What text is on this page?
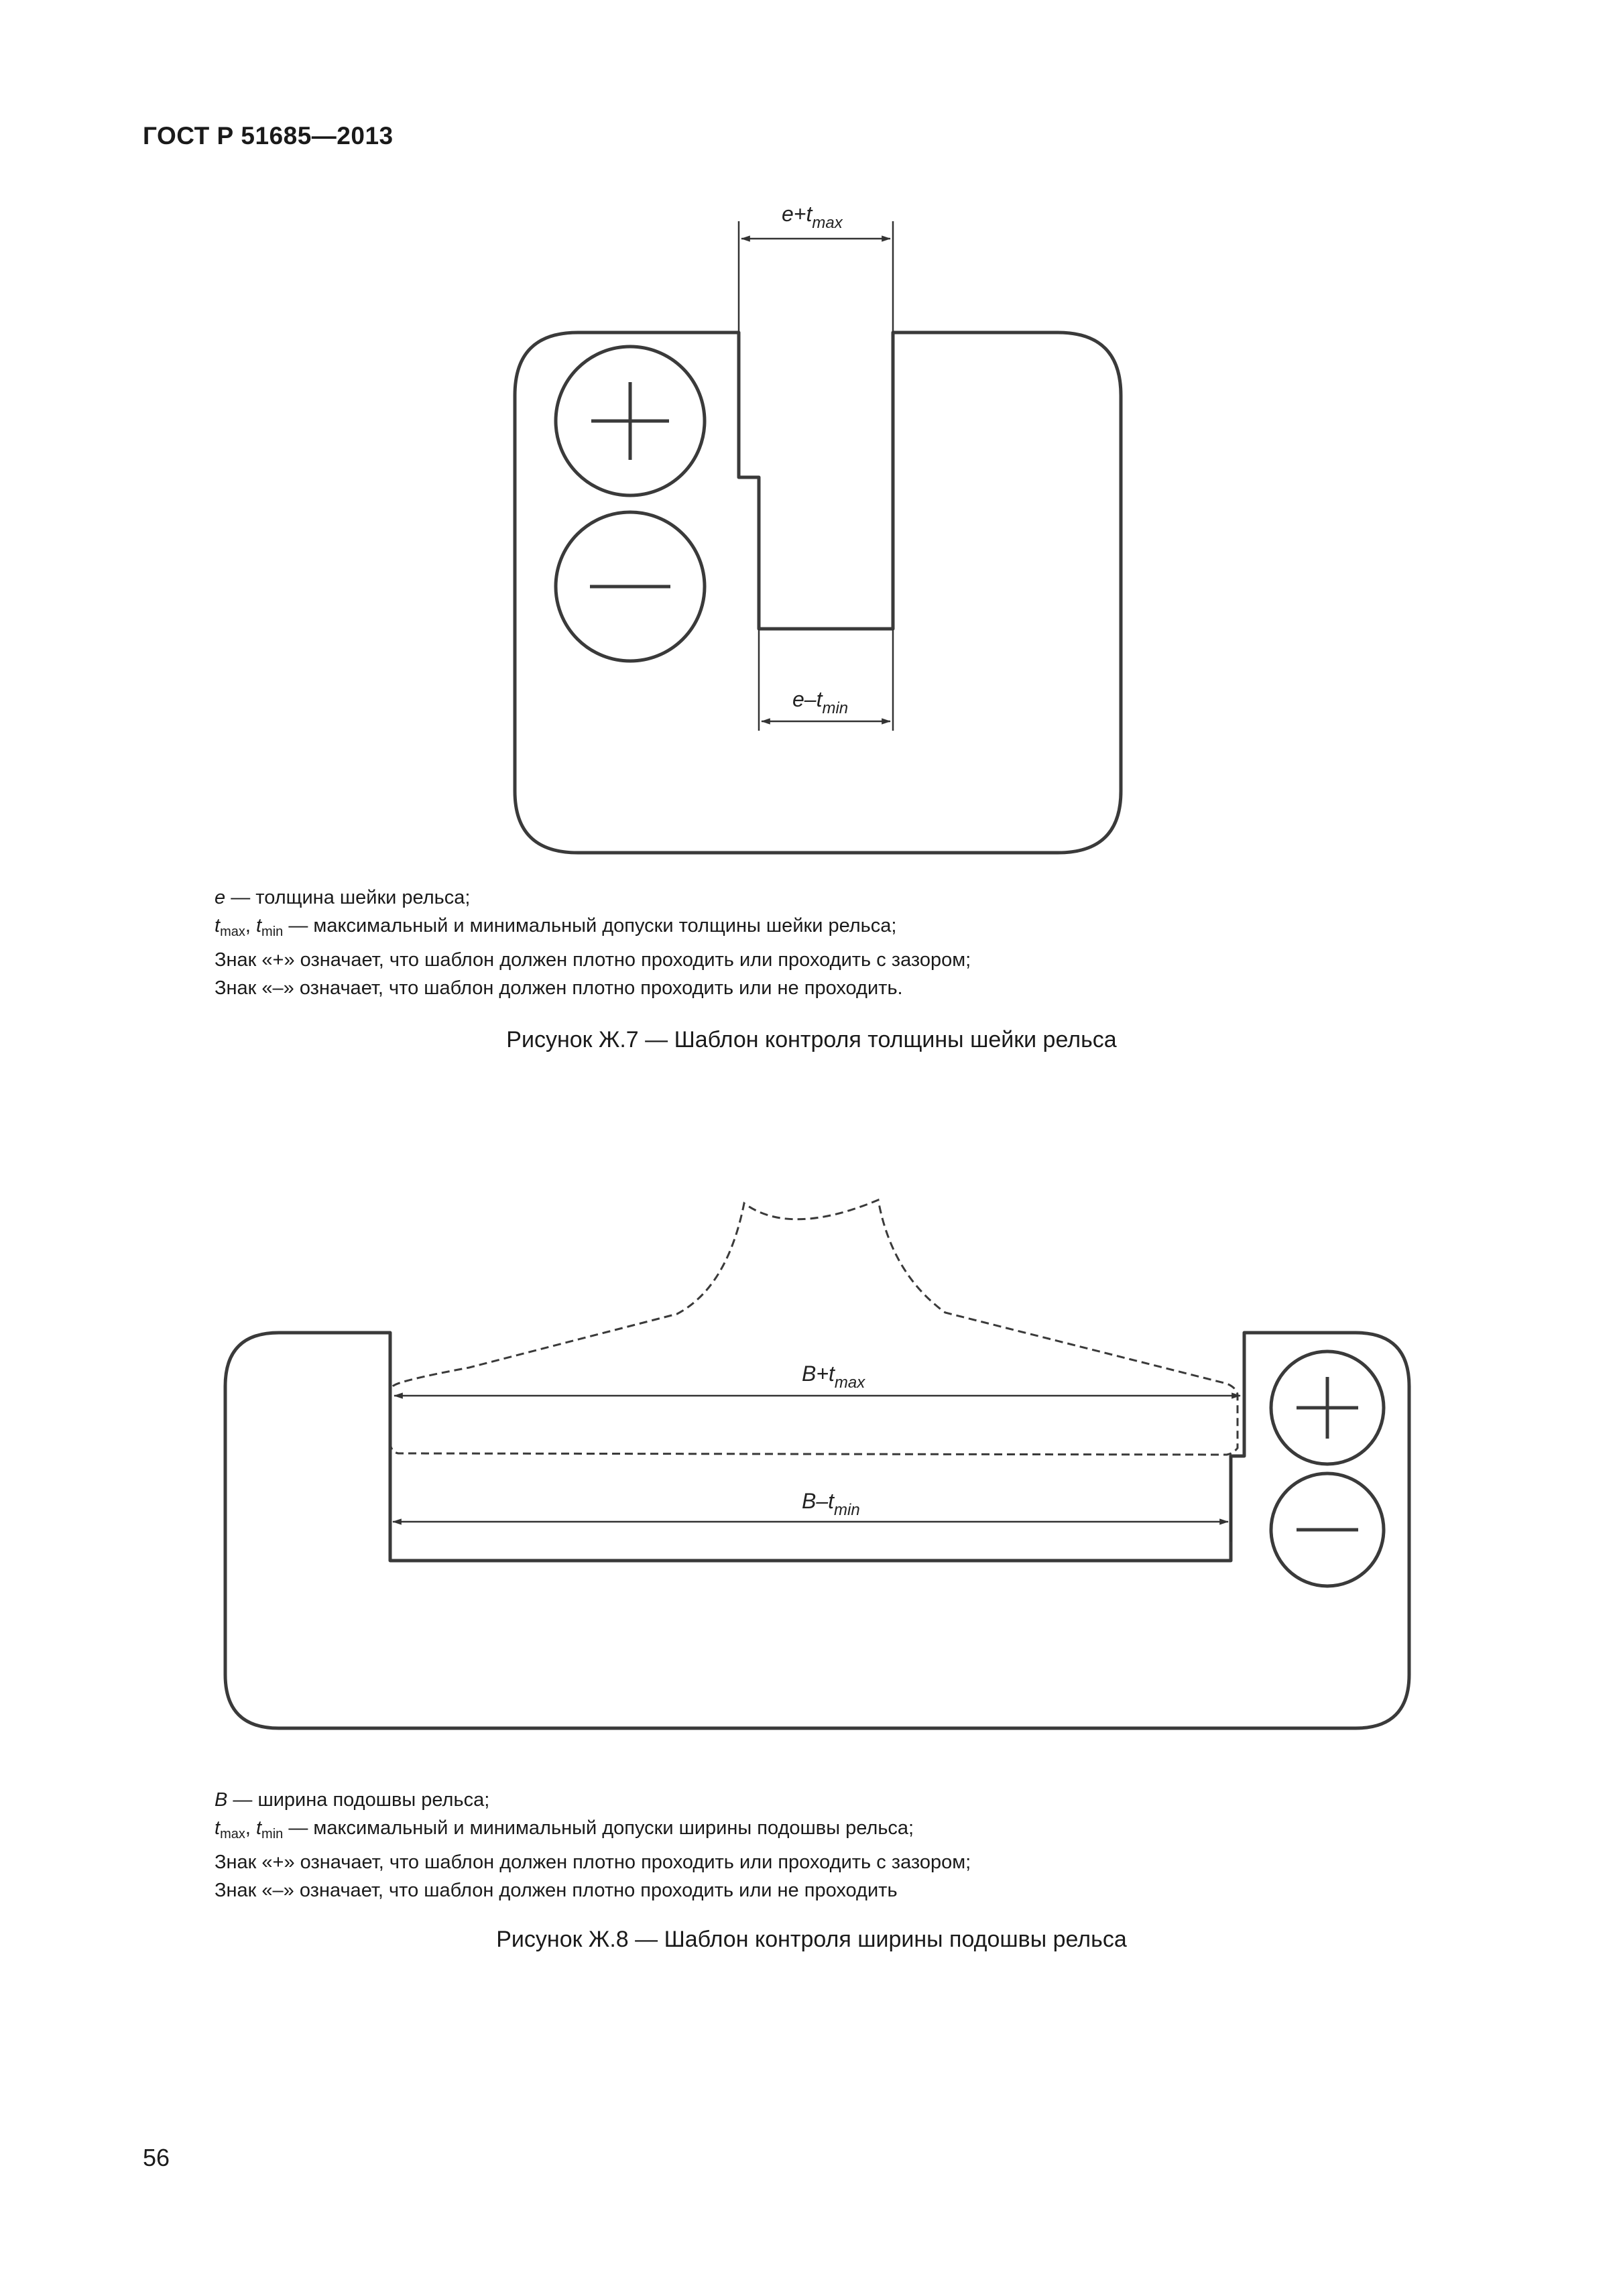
ГОСТ Р 51685—2013
$e+t_{max}$
$e-t_{min}$
e — толщина шейки рельса;
$t_{max}$, $t_{min}$ — максимальный и минимальный допуски толщины шейки рельса;
Знак «+» означает, что шаблон должен плотно проходить или проходить с зазором;
Знак «–» означает, что шаблон должен плотно проходить или не проходить.
Рисунок Ж.7 — Шаблон контроля толщины шейки рельса
$B+t_{max}$
$B-t_{min}$
B — ширина подошвы рельса;
$t_{max}$, $t_{min}$ — максимальный и минимальный допуски ширины подошвы рельса;
Знак «+» означает, что шаблон должен плотно проходить или проходить с зазором;
Знак «–» означает, что шаблон должен плотно проходить или не проходить
Рисунок Ж.8 — Шаблон контроля ширины подошвы рельса
56
